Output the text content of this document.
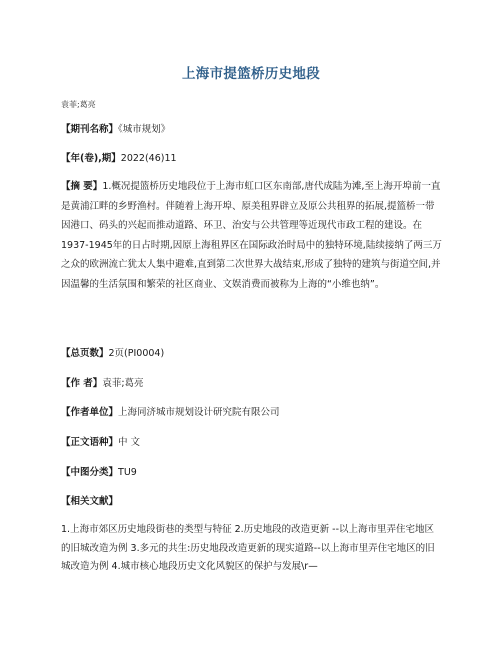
上海市提篮桥历史地段
袁菲;葛亮
【期刊名称】《城市规划》
【年(卷),期】2022(46)11
【摘 要】1.概况提篮桥历史地段位于上海市虹口区东南部,唐代成陆为滩,至上海开埠前一直是黄浦江畔的乡野渔村。伴随着上海开埠、原美租界辟立及原公共租界的拓展,提篮桥一带因港口、码头的兴起而推动道路、环卫、治安与公共管理等近现代市政工程的建设。在1937-1945年的日占时期,因原上海租界区在国际政治时局中的独特环境,陆续接纳了两三万之众的欧洲流亡犹太人集中避难,直到第二次世界大战结束,形成了独特的建筑与街道空间,并因温馨的生活氛围和繁荣的社区商业、文娱消费而被称为上海的“小维也纳”。
【总页数】2页(PI0004)
【作 者】袁菲;葛亮
【作者单位】上海同济城市规划设计研究院有限公司
【正文语种】中 文
【中图分类】TU9
【相关文献】
1.上海市郊区历史地段街巷的类型与特征 2.历史地段的改造更新 --以上海市里弄住宅地区的旧城改造为例 3.多元的共生:历史地段改造更新的现实道路--以上海市里弄住宅地区的旧城改造为例 4.城市核心地段历史文化风貌区的保护与发展\r—
